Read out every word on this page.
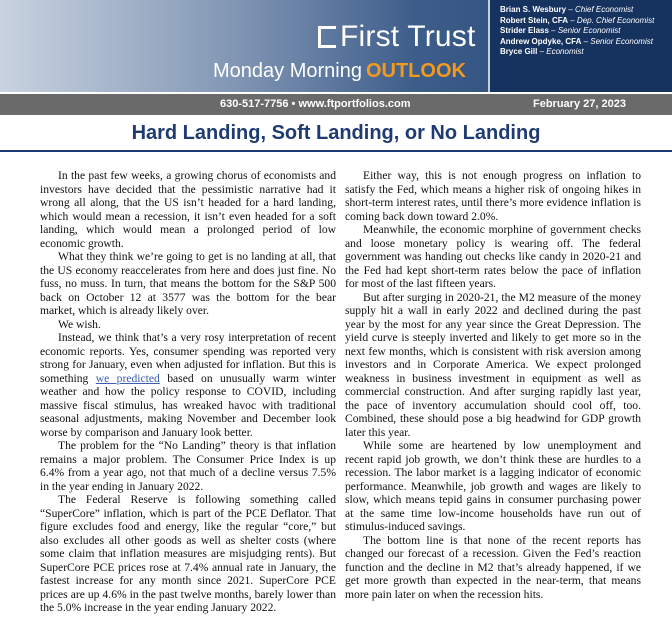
First Trust
Monday Morning OUTLOOK
Brian S. Wesbury – Chief Economist
Robert Stein, CFA – Dep. Chief Economist
Strider Elass – Senior Economist
Andrew Opdyke, CFA – Senior Economist
Bryce Gill – Economist
630-517-7756 • www.ftportfolios.com	February 27, 2023
Hard Landing, Soft Landing, or No Landing

In the past few weeks, a growing chorus of economists and investors have decided that the pessimistic narrative had it wrong all along, that the US isn’t headed for a hard landing, which would mean a recession, it isn’t even headed for a soft landing, which would mean a prolonged period of low economic growth.

What they think we’re going to get is no landing at all, that the US economy reaccelerates from here and does just fine. No fuss, no muss. In turn, that means the bottom for the S&P 500 back on October 12 at 3577 was the bottom for the bear market, which is already likely over.

We wish.

Instead, we think that’s a very rosy interpretation of recent economic reports. Yes, consumer spending was reported very strong for January, even when adjusted for inflation. But this is something we predicted based on unusually warm winter weather and how the policy response to COVID, including massive fiscal stimulus, has wreaked havoc with traditional seasonal adjustments, making November and December look worse by comparison and January look better.

The problem for the “No Landing” theory is that inflation remains a major problem. The Consumer Price Index is up 6.4% from a year ago, not that much of a decline versus 7.5% in the year ending in January 2022.

The Federal Reserve is following something called “SuperCore” inflation, which is part of the PCE Deflator. That figure excludes food and energy, like the regular “core,” but also excludes all other goods as well as shelter costs (where some claim that inflation measures are misjudging rents). But SuperCore PCE prices rose at 7.4% annual rate in January, the fastest increase for any month since 2021. SuperCore PCE prices are up 4.6% in the past twelve months, barely lower than the 5.0% increase in the year ending January 2022.

Either way, this is not enough progress on inflation to satisfy the Fed, which means a higher risk of ongoing hikes in short-term interest rates, until there’s more evidence inflation is coming back down toward 2.0%.

Meanwhile, the economic morphine of government checks and loose monetary policy is wearing off. The federal government was handing out checks like candy in 2020-21 and the Fed had kept short-term rates below the pace of inflation for most of the last fifteen years.

But after surging in 2020-21, the M2 measure of the money supply hit a wall in early 2022 and declined during the past year by the most for any year since the Great Depression. The yield curve is steeply inverted and likely to get more so in the next few months, which is consistent with risk aversion among investors and in Corporate America. We expect prolonged weakness in business investment in equipment as well as commercial construction. And after surging rapidly last year, the pace of inventory accumulation should cool off, too. Combined, these should pose a big headwind for GDP growth later this year.

While some are heartened by low unemployment and recent rapid job growth, we don’t think these are hurdles to a recession. The labor market is a lagging indicator of economic performance. Meanwhile, job growth and wages are likely to slow, which means tepid gains in consumer purchasing power at the same time low-income households have run out of stimulus-induced savings.

The bottom line is that none of the recent reports has changed our forecast of a recession. Given the Fed’s reaction function and the decline in M2 that’s already happened, if we get more growth than expected in the near-term, that means more pain later on when the recession hits.
